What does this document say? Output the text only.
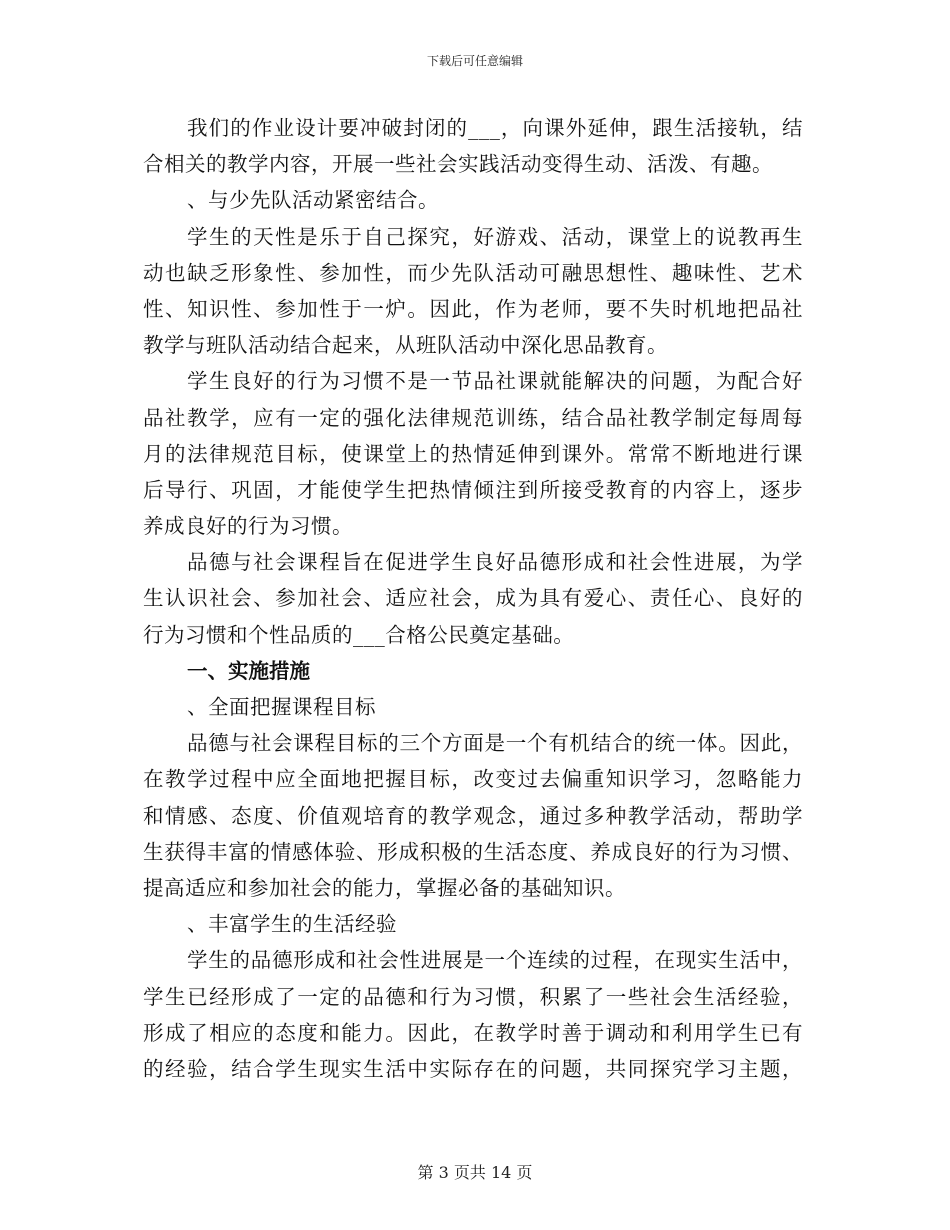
下载后可任意编辑
我们的作业设计要冲破封闭的___，向课外延伸，跟生活接轨，结
合相关的教学内容，开展一些社会实践活动变得生动、活泼、有趣。
、与少先队活动紧密结合。
学生的天性是乐于自己探究，好游戏、活动，课堂上的说教再生
动也缺乏形象性、参加性，而少先队活动可融思想性、趣味性、艺术
性、知识性、参加性于一炉。因此，作为老师，要不失时机地把品社
教学与班队活动结合起来，从班队活动中深化思品教育。
学生良好的行为习惯不是一节品社课就能解决的问题，为配合好
品社教学，应有一定的强化法律规范训练，结合品社教学制定每周每
月的法律规范目标，使课堂上的热情延伸到课外。常常不断地进行课
后导行、巩固，才能使学生把热情倾注到所接受教育的内容上，逐步
养成良好的行为习惯。
品德与社会课程旨在促进学生良好品德形成和社会性进展，为学
生认识社会、参加社会、适应社会，成为具有爱心、责任心、良好的
行为习惯和个性品质的___合格公民奠定基础。
一、实施措施
、全面把握课程目标
品德与社会课程目标的三个方面是一个有机结合的统一体。因此，
在教学过程中应全面地把握目标，改变过去偏重知识学习，忽略能力
和情感、态度、价值观培育的教学观念，通过多种教学活动，帮助学
生获得丰富的情感体验、形成积极的生活态度、养成良好的行为习惯、
提高适应和参加社会的能力，掌握必备的基础知识。
、丰富学生的生活经验
学生的品德形成和社会性进展是一个连续的过程，在现实生活中，
学生已经形成了一定的品德和行为习惯，积累了一些社会生活经验，
形成了相应的态度和能力。因此，在教学时善于调动和利用学生已有
的经验，结合学生现实生活中实际存在的问题，共同探究学习主题，
第 3 页共 14 页
